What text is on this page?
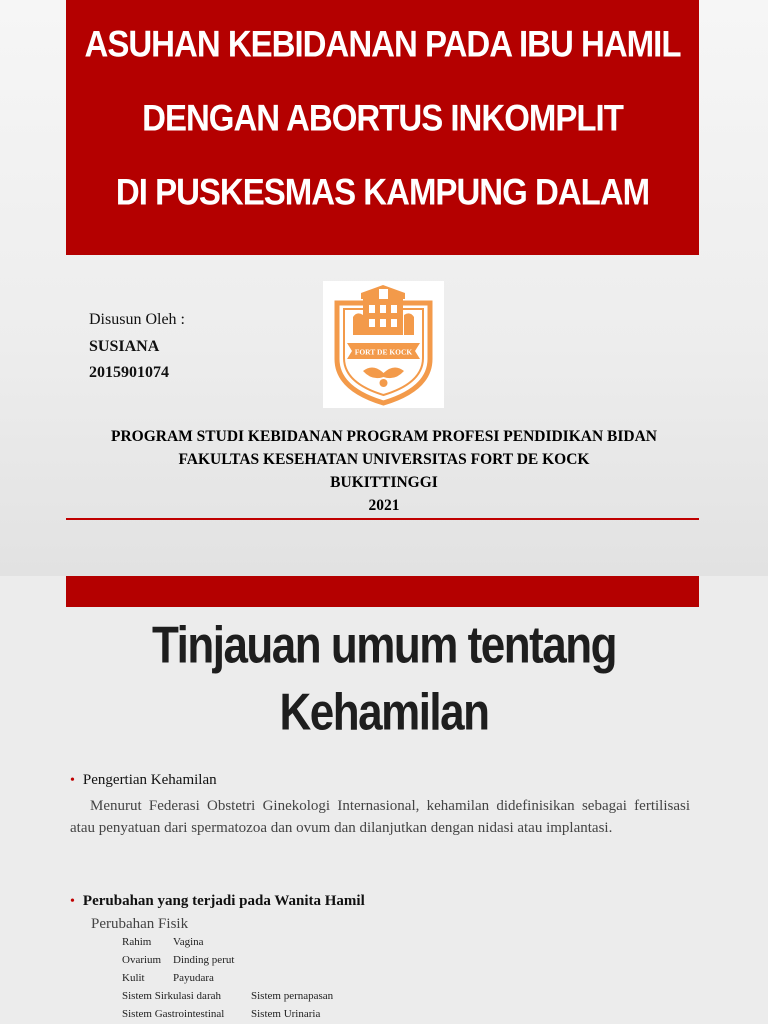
ASUHAN KEBIDANAN PADA IBU HAMIL
DENGAN ABORTUS INKOMPLIT
DI PUSKESMAS KAMPUNG DALAM
Disusun Oleh :
SUSIANA
2015901074
FORT DE KOCK
PROGRAM STUDI KEBIDANAN PROGRAM PROFESI PENDIDIKAN BIDAN
FAKULTAS KESEHATAN UNIVERSITAS FORT DE KOCK
BUKITTINGGI
2021
Tinjauan umum tentang
Kehamilan
• Pengertian Kehamilan
Menurut Federasi Obstetri Ginekologi Internasional, kehamilan didefinisikan sebagai fertilisasi atau penyatuan dari spermatozoa dan ovum dan dilanjutkan dengan nidasi atau implantasi.
• Perubahan yang terjadi pada Wanita Hamil
Perubahan Fisik
Rahim Vagina
Ovarium Dinding perut
Kulit	Payudara
Sistem Sirkulasi darah	Sistem pernapasan
Sistem Gastrointestinal Sistem Urinaria
